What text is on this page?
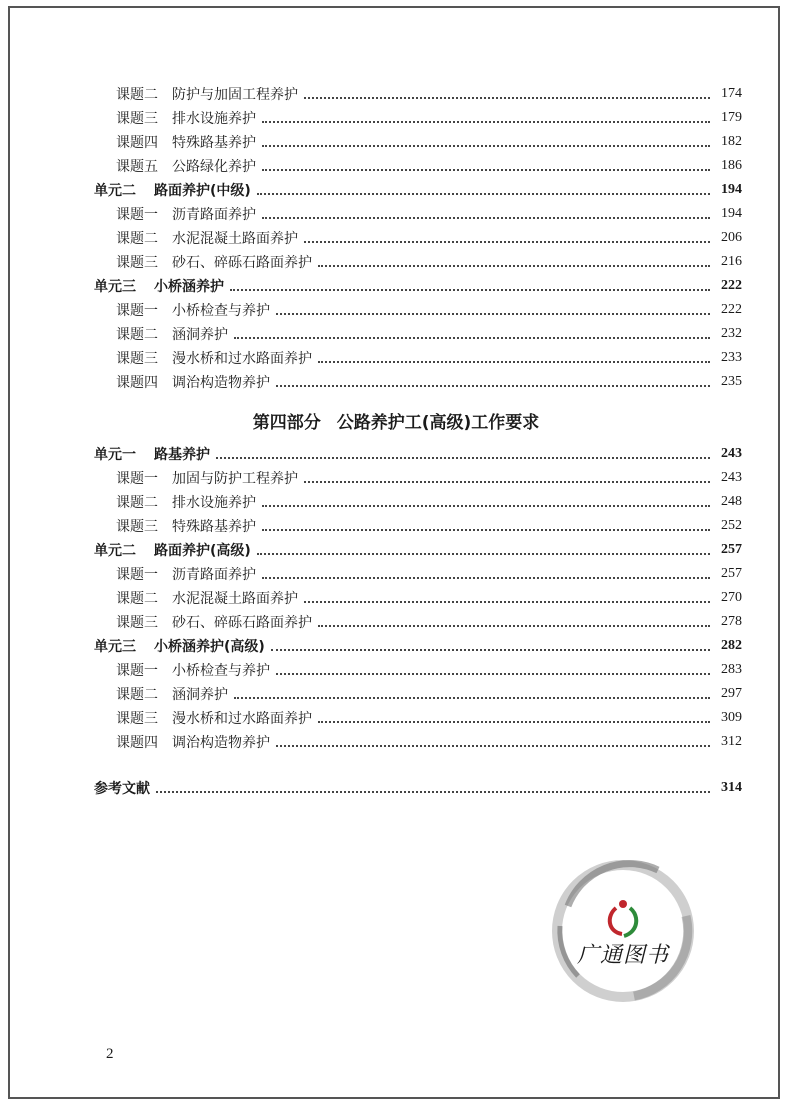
课题二 防护与加固工程养护	174
课题三 排水设施养护	179
课题四 特殊路基养护	182
课题五 公路绿化养护	186
单元二 路面养护(中级)	194
课题一 沥青路面养护	194
课题二 水泥混凝土路面养护	206
课题三 砂石、碎砾石路面养护	216
单元三 小桥涵养护	222
课题一 小桥检查与养护	222
课题二 涵洞养护	232
课题三 漫水桥和过水路面养护	233
课题四 调治构造物养护	235
第四部分 公路养护工(高级)工作要求
单元一 路基养护	243
课题一 加固与防护工程养护	243
课题二 排水设施养护	248
课题三 特殊路基养护	252
单元二 路面养护(高级)	257
课题一 沥青路面养护	257
课题二 水泥混凝土路面养护	270
课题三 砂石、碎砾石路面养护	278
单元三 小桥涵养护(高级)	282
课题一 小桥检查与养护	283
课题二 涵洞养护	297
课题三 漫水桥和过水路面养护	309
课题四 调治构造物养护	312
参考文献	314
广通图书
2
